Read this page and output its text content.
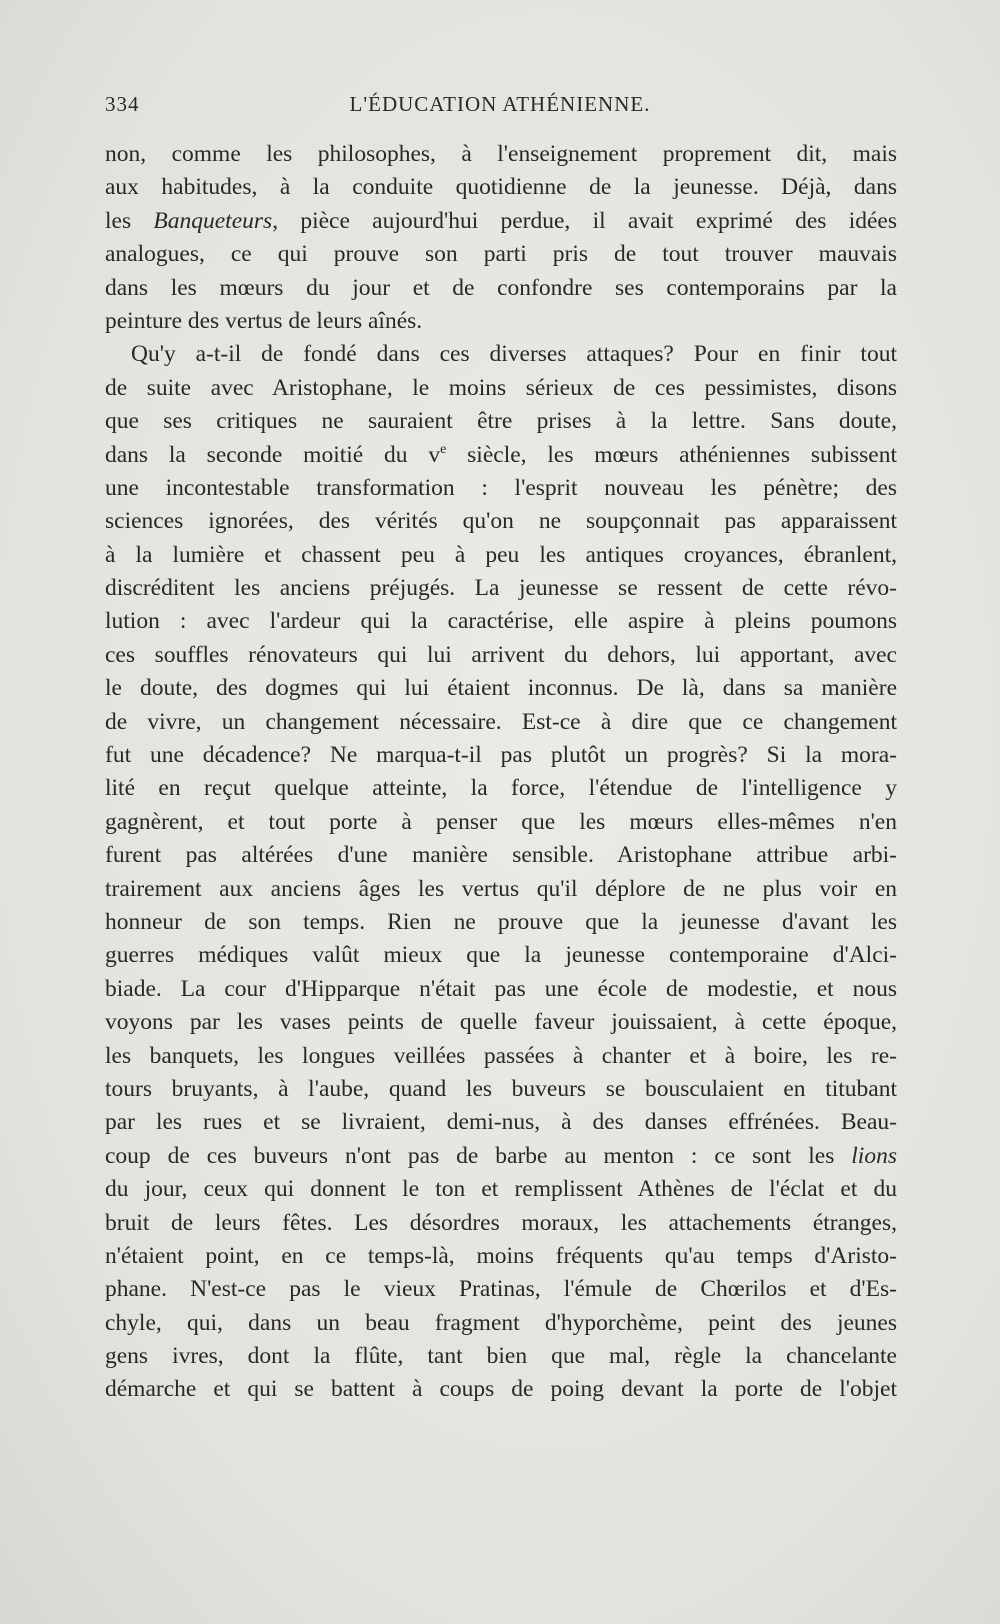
334	L'ÉDUCATION ATHÉNIENNE.
non, comme les philosophes, à l'enseignement proprement dit, mais
aux habitudes, à la conduite quotidienne de la jeunesse. Déjà, dans
les Banqueteurs, pièce aujourd'hui perdue, il avait exprimé des idées
analogues, ce qui prouve son parti pris de tout trouver mauvais
dans les mœurs du jour et de confondre ses contemporains par la
peinture des vertus de leurs aînés.
Qu'y a-t-il de fondé dans ces diverses attaques? Pour en finir tout
de suite avec Aristophane, le moins sérieux de ces pessimistes, disons
que ses critiques ne sauraient être prises à la lettre. Sans doute,
dans la seconde moitié du $v^e$ siècle, les mœurs athéniennes subissent
une incontestable transformation : l'esprit nouveau les pénètre; des
sciences ignorées, des vérités qu'on ne soupçonnait pas apparaissent
à la lumière et chassent peu à peu les antiques croyances, ébranlent,
discréditent les anciens préjugés. La jeunesse se ressent de cette révo-
lution : avec l'ardeur qui la caractérise, elle aspire à pleins poumons
ces souffles rénovateurs qui lui arrivent du dehors, lui apportant, avec
le doute, des dogmes qui lui étaient inconnus. De là, dans sa manière
de vivre, un changement nécessaire. Est-ce à dire que ce changement
fut une décadence? Ne marqua-t-il pas plutôt un progrès? Si la mora-
lité en reçut quelque atteinte, la force, l'étendue de l'intelligence y
gagnèrent, et tout porte à penser que les mœurs elles-mêmes n'en
furent pas altérées d'une manière sensible. Aristophane attribue arbi-
trairement aux anciens âges les vertus qu'il déplore de ne plus voir en
honneur de son temps. Rien ne prouve que la jeunesse d'avant les
guerres médiques valût mieux que la jeunesse contemporaine d'Alci-
biade. La cour d'Hipparque n'était pas une école de modestie, et nous
voyons par les vases peints de quelle faveur jouissaient, à cette époque,
les banquets, les longues veillées passées à chanter et à boire, les re-
tours bruyants, à l'aube, quand les buveurs se bousculaient en titubant
par les rues et se livraient, demi-nus, à des danses effrénées. Beau-
coup de ces buveurs n'ont pas de barbe au menton : ce sont les lions
du jour, ceux qui donnent le ton et remplissent Athènes de l'éclat et du
bruit de leurs fêtes. Les désordres moraux, les attachements étranges,
n'étaient point, en ce temps-là, moins fréquents qu'au temps d'Aristo-
phane. N'est-ce pas le vieux Pratinas, l'émule de Chœrilos et d'Es-
chyle, qui, dans un beau fragment d'hyporchème, peint des jeunes
gens ivres, dont la flûte, tant bien que mal, règle la chancelante
démarche et qui se battent à coups de poing devant la porte de l'objet
